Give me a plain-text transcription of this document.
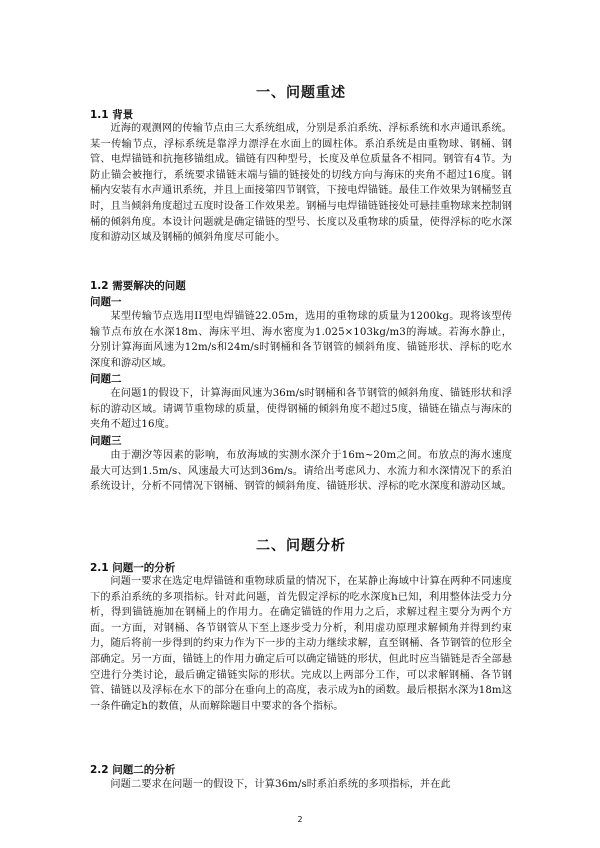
一、问题重述
1.1 背景
近海的观测网的传输节点由三大系统组成，分别是系泊系统、浮标系统和水声通讯系统。某一传输节点，浮标系统是靠浮力漂浮在水面上的圆柱体。系泊系统是由重物球、钢桶、钢管、电焊锚链和抗拖移锚组成。锚链有四种型号，长度及单位质量各不相同。钢管有4节。为防止锚会被拖行，系统要求锚链末端与锚的链接处的切线方向与海床的夹角不超过16度。钢桶内安装有水声通讯系统，并且上面接第四节钢管，下接电焊锚链。最佳工作效果为钢桶竖直时，且当倾斜角度超过五度时设备工作效果差。钢桶与电焊锚链链接处可悬挂重物球来控制钢桶的倾斜角度。本设计问题就是确定锚链的型号、长度以及重物球的质量，使得浮标的吃水深度和游动区域及钢桶的倾斜角度尽可能小。
1.2 需要解决的问题
问题一
某型传输节点选用II型电焊锚链22.05m，选用的重物球的质量为1200kg。现将该型传输节点布放在水深18m、海床平坦、海水密度为1.025×103kg/m3的海域。若海水静止，分别计算海面风速为12m/s和24m/s时钢桶和各节钢管的倾斜角度、锚链形状、浮标的吃水深度和游动区域。
问题二
在问题1的假设下，计算海面风速为36m/s时钢桶和各节钢管的倾斜角度、锚链形状和浮标的游动区域。请调节重物球的质量，使得钢桶的倾斜角度不超过5度，锚链在锚点与海床的夹角不超过16度。
问题三
由于潮汐等因素的影响，布放海域的实测水深介于16m~20m之间。布放点的海水速度最大可达到1.5m/s、风速最大可达到36m/s。请给出考虑风力、水流力和水深情况下的系泊系统设计，分析不同情况下钢桶、钢管的倾斜角度、锚链形状、浮标的吃水深度和游动区域。
二、问题分析
2.1 问题一的分析
问题一要求在选定电焊锚链和重物球质量的情况下，在某静止海域中计算在两种不同速度下的系泊系统的多项指标。针对此问题，首先假定浮标的吃水深度h已知，利用整体法受力分析，得到锚链施加在钢桶上的作用力。在确定锚链的作用力之后，求解过程主要分为两个方面。一方面，对钢桶、各节钢管从下至上逐步受力分析，利用虚功原理求解倾角并得到约束力，随后将前一步得到的约束力作为下一步的主动力继续求解，直至钢桶、各节钢管的位形全部确定。另一方面，锚链上的作用力确定后可以确定锚链的形状，但此时应当锚链是否全部悬空进行分类讨论，最后确定锚链实际的形状。完成以上两部分工作，可以求解钢桶、各节钢管、锚链以及浮标在水下的部分在垂向上的高度，表示成为h的函数。最后根据水深为18m这一条件确定h的数值，从而解除题目中要求的各个指标。
2.2 问题二的分析
问题二要求在问题一的假设下，计算36m/s时系泊系统的多项指标，并在此
2
